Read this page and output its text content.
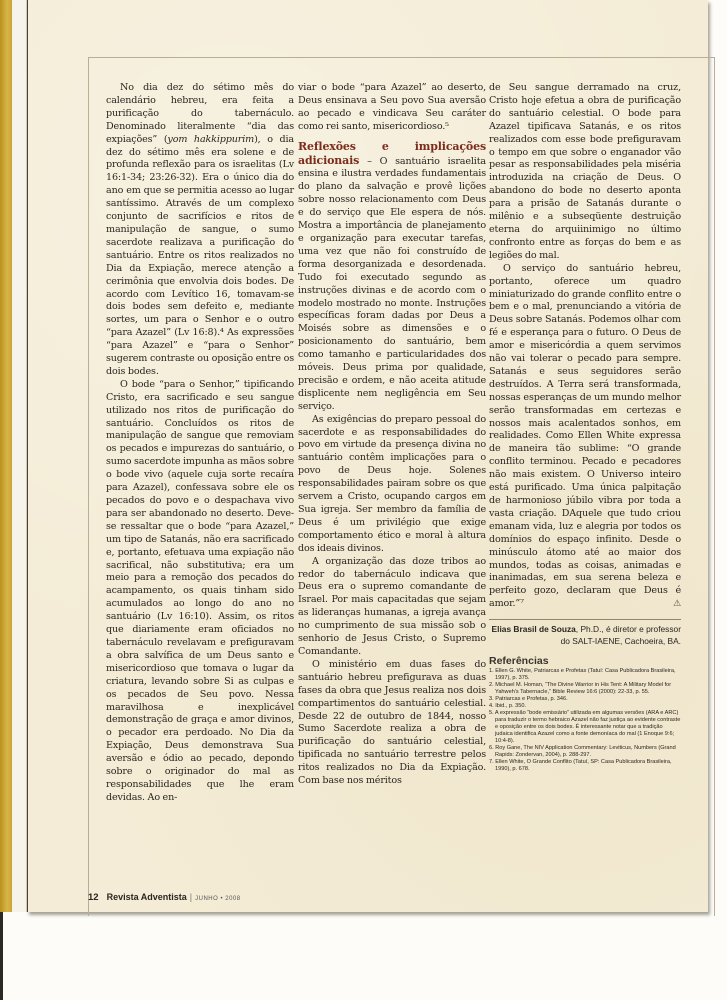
No dia dez do sétimo mês do calendário hebreu, era feita a purificação do tabernáculo. Denominado literalmente “dia das expiações” (yom hakkippurim), o dia dez do sétimo mês era solene e de profunda reflexão para os israelitas (Lv 16:1-34; 23:26-32). Era o único dia do ano em que se permitia acesso ao lugar santíssimo. Através de um complexo conjunto de sacrifícios e ritos de manipulação de sangue, o sumo sacerdote realizava a purificação do santuário. Entre os ritos realizados no Dia da Expiação, merece atenção a cerimônia que envolvia dois bodes. De acordo com Levítico 16, tomavam-se dois bodes sem defeito e, mediante sortes, um para o Senhor e o outro “para Azazel” (Lv 16:8).⁴ As expressões “para Azazel” e “para o Senhor” sugerem contraste ou oposição entre os dois bodes.

O bode “para o Senhor,” tipificando Cristo, era sacrificado e seu sangue utilizado nos ritos de purificação do santuário. Concluídos os ritos de manipulação de sangue que removiam os pecados e impurezas do santuário, o sumo sacerdote impunha as mãos sobre o bode vivo (aquele cuja sorte recaíra para Azazel), confessava sobre ele os pecados do povo e o despachava vivo para ser abandonado no deserto. Deve-se ressaltar que o bode “para Azazel,” um tipo de Satanás, não era sacrificado e, portanto, efetuava uma expiação não sacrifical, não substitutiva; era um meio para a remoção dos pecados do acampamento, os quais tinham sido acumulados ao longo do ano no santuário (Lv 16:10). Assim, os ritos que diariamente eram oficiados no tabernáculo revelavam e prefiguravam a obra salvífica de um Deus santo e misericordioso que tomava o lugar da criatura, levando sobre Si as culpas e os pecados de Seu povo. Nessa maravilhosa e inexplicável demonstração de graça e amor divinos, o pecador era perdoado. No Dia da Expiação, Deus demonstrava Sua aversão e ódio ao pecado, depondo sobre o originador do mal as responsabilidades que lhe eram devidas. Ao en-

viar o bode “para Azazel” ao deserto, Deus ensinava a Seu povo Sua aversão ao pecado e vindicava Seu caráter como rei santo, misericordioso.⁵

Reflexões e implicações adicionais – O santuário israelita ensina e ilustra verdades fundamentais do plano da salvação e provê lições sobre nosso relacionamento com Deus e do serviço que Ele espera de nós. Mostra a importância de planejamento e organização para executar tarefas, uma vez que não foi construído de forma desorganizada e desordenada. Tudo foi executado segundo as instruções divinas e de acordo com o modelo mostrado no monte. Instruções específicas foram dadas por Deus a Moisés sobre as dimensões e o posicionamento do santuário, bem como tamanho e particularidades dos móveis. Deus prima por qualidade, precisão e ordem, e não aceita atitude displicente nem negligência em Seu serviço.

As exigências do preparo pessoal do sacerdote e as responsabilidades do povo em virtude da presença divina no santuário contêm implicações para o povo de Deus hoje. Solenes responsabilidades pairam sobre os que servem a Cristo, ocupando cargos em Sua igreja. Ser membro da família de Deus é um privilégio que exige comportamento ético e moral à altura dos ideais divinos.

A organização das doze tribos ao redor do tabernáculo indicava que Deus era o supremo comandante de Israel. Por mais capacitadas que sejam as lideranças humanas, a igreja avança no cumprimento de sua missão sob o senhorio de Jesus Cristo, o Supremo Comandante.

O ministério em duas fases do santuário hebreu prefigurava as duas fases da obra que Jesus realiza nos dois compartimentos do santuário celestial. Desde 22 de outubro de 1844, nosso Sumo Sacerdote realiza a obra de purificação do santuário celestial, tipificada no santuário terrestre pelos ritos realizados no Dia da Expiação. Com base nos méritos

de Seu sangue derramado na cruz, Cristo hoje efetua a obra de purificação do santuário celestial. O bode para Azazel tipificava Satanás, e os ritos realizados com esse bode prefiguravam o tempo em que sobre o enganador vão pesar as responsabilidades pela miséria introduzida na criação de Deus. O abandono do bode no deserto aponta para a prisão de Satanás durante o milênio e a subseqüente destruição eterna do arquiinimigo no último confronto entre as forças do bem e as legiões do mal.

O serviço do santuário hebreu, portanto, oferece um quadro miniaturizado do grande conflito entre o bem e o mal, prenunciando a vitória de Deus sobre Satanás. Podemos olhar com fé e esperança para o futuro. O Deus de amor e misericórdia a quem servimos não vai tolerar o pecado para sempre. Satanás e seus seguidores serão destruídos. A Terra será transformada, nossas esperanças de um mundo melhor serão transformadas em certezas e nossos mais acalentados sonhos, em realidades. Como Ellen White expressa de maneira tão sublime: “O grande conflito terminou. Pecado e pecadores não mais existem. O Universo inteiro está purificado. Uma única palpitação de harmonioso júbilo vibra por toda a vasta criação. DAquele que tudo criou emanam vida, luz e alegria por todos os domínios do espaço infinito. Desde o minúsculo átomo até ao maior dos mundos, todas as coisas, animadas e inanimadas, em sua serena beleza e perfeito gozo, declaram que Deus é amor.”⁷	⚠

Elias Brasil de Souza, Ph.D., é diretor e professor do SALT-IAENE, Cachoeira, BA.
Referências
1. Ellen G. White, Patriarcas e Profetas (Tatuí: Casa Publicadora Brasileira, 1997), p. 375.
2. Michael M. Homan, “The Divine Warrior in His Tent: A Military Model for Yahweh's Tabernacle,” Bible Review 16:6 (2000): 22-33, p. 55.
3. Patriarcas e Profetas, p. 346.
4. Ibid., p. 350.
5. A expressão “bode emissário” utilizada em algumas versões (ARA e ARC) para traduzir o termo hebraico Azazel não faz justiça ao evidente contraste e oposição entre os dois bodes. É interessante notar que a tradição judaica identifica Azazel como a fonte demoníaca do mal (1 Enoque 9:6; 10:4-8).
6. Roy Gane, The NIV Application Commentary: Leviticus, Numbers (Grand Rapids: Zondervan, 2004), p. 288-297.
7. Ellen White, O Grande Conflito (Tatuí, SP: Casa Publicadora Brasileira, 1990), p. 678.
12 Revista Adventista | JUNHO • 2008
